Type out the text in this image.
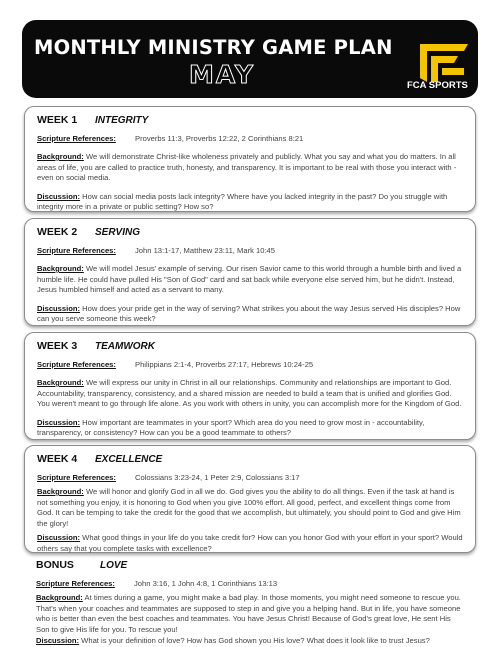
MONTHLY MINISTRY GAME PLAN
MAY	FCA SPORTS
WEEK 1	INTEGRITY
Scripture References:	Proverbs 11:3, Proverbs 12:22, 2 Corinthians 8:21
Background: We will demonstrate Christ-like wholeness privately and publicly. What you say and what you do matters. In all areas of life, you are called to practice truth, honesty, and transparency. It is important to be real with those you interact with - even on social media.
Discussion: How can social media posts lack integrity? Where have you lacked integrity in the past? Do you struggle with integrity more in a private or public setting? How so?
WEEK 2	SERVING
Scripture References:	John 13:1-17, Matthew 23:11, Mark 10:45
Background: We will model Jesus' example of serving. Our risen Savior came to this world through a humble birth and lived a humble life. He could have pulled His "Son of God" card and sat back while everyone else served him, but he didn't. Instead, Jesus humbled himself and acted as a servant to many.
Discussion: How does your pride get in the way of serving? What strikes you about the way Jesus served His disciples? How can you serve someone this week?
WEEK 3	TEAMWORK
Scripture References:	Philippians 2:1-4, Proverbs 27:17, Hebrews 10:24-25
Background: We will express our unity in Christ in all our relationships. Community and relationships are important to God. Accountability, transparency, consistency, and a shared mission are needed to build a team that is unified and glorifies God. You weren't meant to go through life alone. As you work with others in unity, you can accomplish more for the Kingdom of God.
Discussion: How important are teammates in your sport? Which area do you need to grow most in - accountability, transparency, or consistency? How can you be a good teammate to others?
WEEK 4	EXCELLENCE
Scripture References:	Colossians 3:23-24, 1 Peter 2:9, Colossians 3:17
Background: We will honor and glorify God in all we do. God gives you the ability to do all things. Even if the task at hand is not something you enjoy, it is honoring to God when you give 100% effort. All good, perfect, and excellent things come from God. It can be temping to take the credit for the good that we accomplish, but ultimately, you should point to God and give Him the glory!
Discussion: What good things in your life do you take credit for? How can you honor God with your effort in your sport? Would others say that you complete tasks with excellence?
BONUS	LOVE
Scripture References:	John 3:16, 1 John 4:8, 1 Corinthians 13:13
Background: At times during a game, you might make a bad play. In those moments, you might need someone to rescue you. That's when your coaches and teammates are supposed to step in and give you a helping hand. But in life, you have someone who is better than even the best coaches and teammates. You have Jesus Christ! Because of God's great love, He sent His Son to give His life for you. To rescue you!
Discussion: What is your definition of love? How has God shown you His love? What does it look like to trust Jesus?
